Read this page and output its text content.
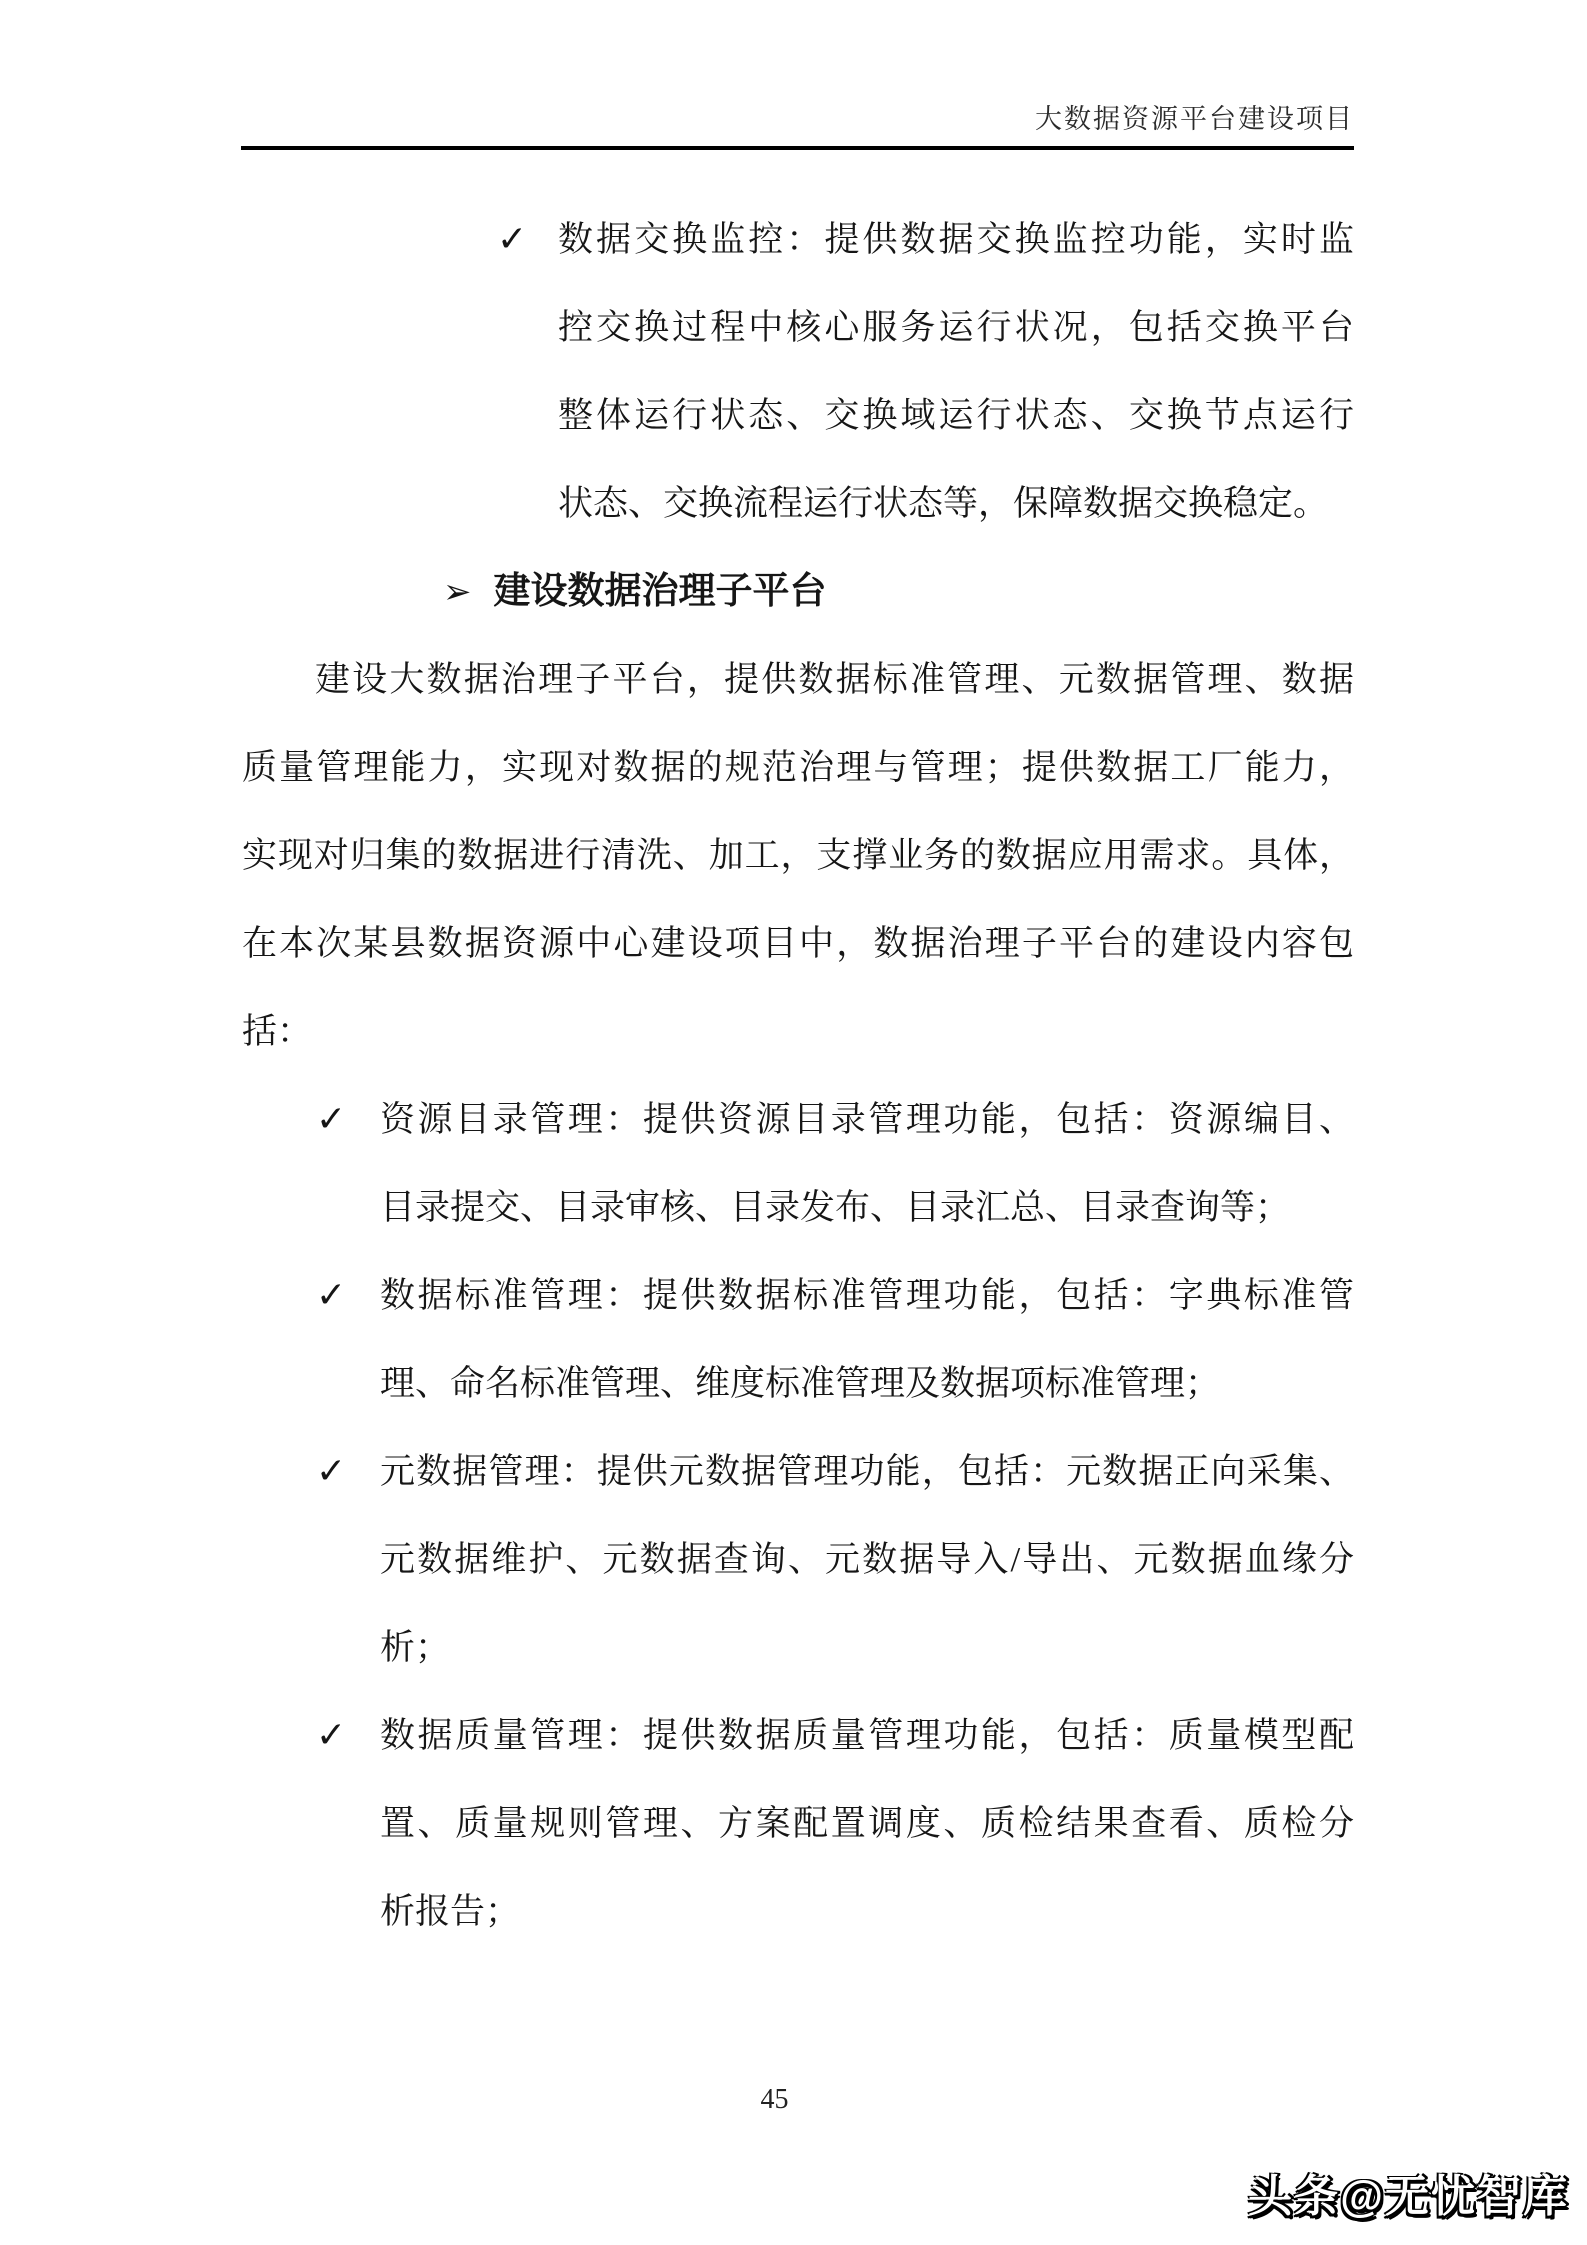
大数据资源平台建设项目
✓ 数据交换监控：提供数据交换监控功能，实时监
控交换过程中核心服务运行状况，包括交换平台
整体运行状态、交换域运行状态、交换节点运行
状态、交换流程运行状态等，保障数据交换稳定。
➢ 建设数据治理子平台
建设大数据治理子平台，提供数据标准管理、元数据管理、数据
质量管理能力，实现对数据的规范治理与管理；提供数据工厂能力，
实现对归集的数据进行清洗、加工，支撑业务的数据应用需求。具体，
在本次某县数据资源中心建设项目中，数据治理子平台的建设内容包
括：
✓ 资源目录管理：提供资源目录管理功能，包括：资源编目、
目录提交、目录审核、目录发布、目录汇总、目录查询等；
✓ 数据标准管理：提供数据标准管理功能，包括：字典标准管
理、命名标准管理、维度标准管理及数据项标准管理；
✓ 元数据管理：提供元数据管理功能，包括：元数据正向采集、
元数据维护、元数据查询、元数据导入/导出、元数据血缘分
析；
✓ 数据质量管理：提供数据质量管理功能，包括：质量模型配
置、质量规则管理、方案配置调度、质检结果查看、质检分
析报告；
45
头条@无忧智库
